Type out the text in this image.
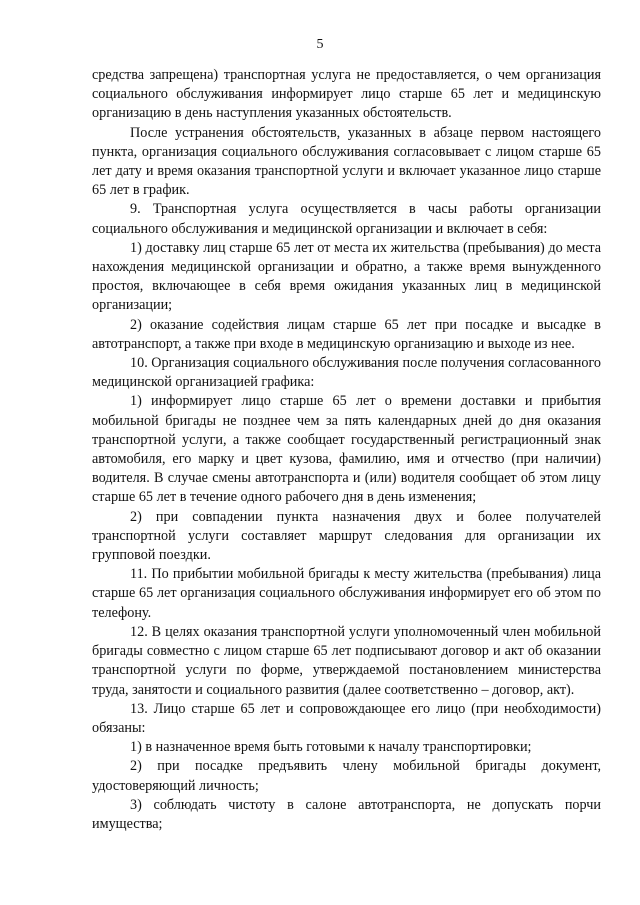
5

средства запрещена) транспортная услуга не предоставляется, о чем организация социального обслуживания информирует лицо старше 65 лет и медицинскую организацию в день наступления указанных обстоятельств.

После устранения обстоятельств, указанных в абзаце первом настоящего пункта, организация социального обслуживания согласовывает с лицом старше 65 лет дату и время оказания транспортной услуги и включает указанное лицо старше 65 лет в график.

9. Транспортная услуга осуществляется в часы работы организации социального обслуживания и медицинской организации и включает в себя:

1) доставку лиц старше 65 лет от места их жительства (пребывания) до места нахождения медицинской организации и обратно, а также время вынужденного простоя, включающее в себя время ожидания указанных лиц в медицинской организации;

2) оказание содействия лицам старше 65 лет при посадке и высадке в автотранспорт, а также при входе в медицинскую организацию и выходе из нее.

10. Организация социального обслуживания после получения согласованного медицинской организацией графика:

1) информирует лицо старше 65 лет о времени доставки и прибытия мобильной бригады не позднее чем за пять календарных дней до дня оказания транспортной услуги, а также сообщает государственный регистрационный знак автомобиля, его марку и цвет кузова, фамилию, имя и отчество (при наличии) водителя. В случае смены автотранспорта и (или) водителя сообщает об этом лицу старше 65 лет в течение одного рабочего дня в день изменения;

2) при совпадении пункта назначения двух и более получателей транспортной услуги составляет маршрут следования для организации их групповой поездки.

11. По прибытии мобильной бригады к месту жительства (пребывания) лица старше 65 лет организация социального обслуживания информирует его об этом по телефону.

12. В целях оказания транспортной услуги уполномоченный член мобильной бригады совместно с лицом старше 65 лет подписывают договор и акт об оказании транспортной услуги по форме, утверждаемой постановлением министерства труда, занятости и социального развития (далее соответственно – договор, акт).

13. Лицо старше 65 лет и сопровождающее его лицо (при необходимости) обязаны:

1) в назначенное время быть готовыми к началу транспортировки;

2) при посадке предъявить члену мобильной бригады документ, удостоверяющий личность;

3) соблюдать чистоту в салоне автотранспорта, не допускать порчи имущества;
